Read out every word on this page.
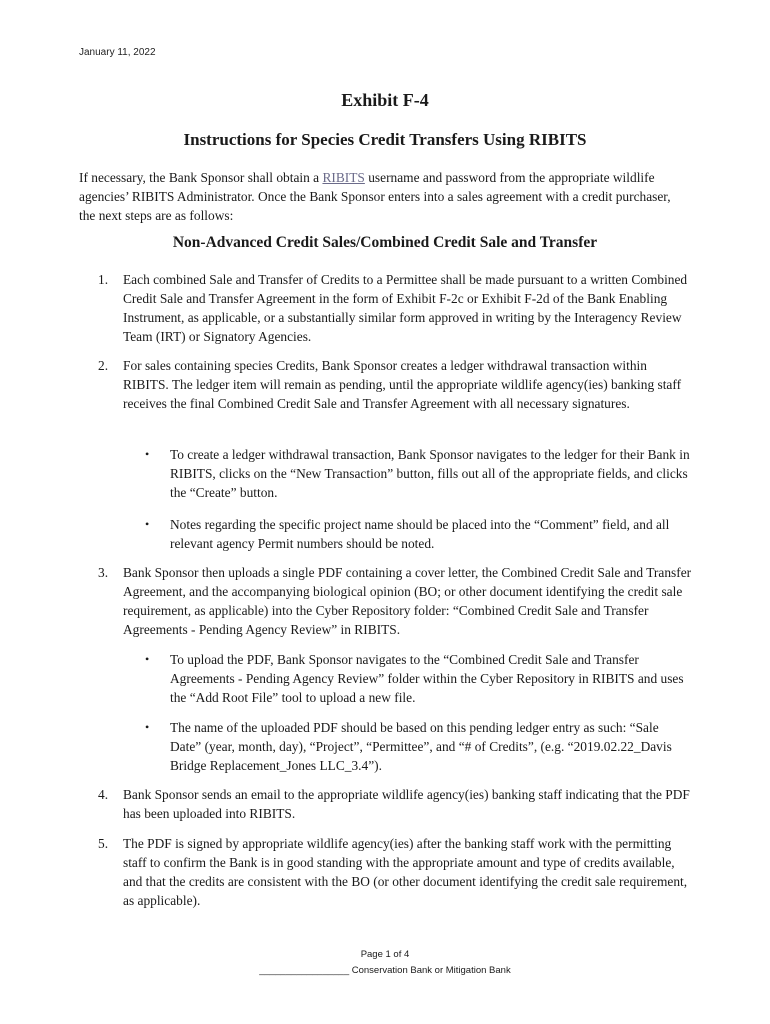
January 11, 2022
Exhibit F-4
Instructions for Species Credit Transfers Using RIBITS

If necessary, the Bank Sponsor shall obtain a RIBITS username and password from the appropriate wildlife agencies’ RIBITS Administrator. Once the Bank Sponsor enters into a sales agreement with a credit purchaser, the next steps are as follows:

Non-Advanced Credit Sales/Combined Credit Sale and Transfer
1. Each combined Sale and Transfer of Credits to a Permittee shall be made pursuant to a written Combined Credit Sale and Transfer Agreement in the form of Exhibit F-2c or Exhibit F-2d of the Bank Enabling Instrument, as applicable, or a substantially similar form approved in writing by the Interagency Review Team (IRT) or Signatory Agencies.
2. For sales containing species Credits, Bank Sponsor creates a ledger withdrawal transaction within RIBITS. The ledger item will remain as pending, until the appropriate wildlife agency(ies) banking staff receives the final Combined Credit Sale and Transfer Agreement with all necessary signatures.
• To create a ledger withdrawal transaction, Bank Sponsor navigates to the ledger for their Bank in RIBITS, clicks on the “New Transaction” button, fills out all of the appropriate fields, and clicks the “Create” button.
• Notes regarding the specific project name should be placed into the “Comment” field, and all relevant agency Permit numbers should be noted.
3. Bank Sponsor then uploads a single PDF containing a cover letter, the Combined Credit Sale and Transfer Agreement, and the accompanying biological opinion (BO; or other document identifying the credit sale requirement, as applicable) into the Cyber Repository folder: “Combined Credit Sale and Transfer Agreements - Pending Agency Review” in RIBITS.
• To upload the PDF, Bank Sponsor navigates to the “Combined Credit Sale and Transfer Agreements - Pending Agency Review” folder within the Cyber Repository in RIBITS and uses the “Add Root File” tool to upload a new file.
• The name of the uploaded PDF should be based on this pending ledger entry as such: “Sale Date” (year, month, day), “Project”, “Permittee”, and “# of Credits”, (e.g. “2019.02.22_Davis Bridge Replacement_Jones LLC_3.4”).
4. Bank Sponsor sends an email to the appropriate wildlife agency(ies) banking staff indicating that the PDF has been uploaded into RIBITS.
5. The PDF is signed by appropriate wildlife agency(ies) after the banking staff work with the permitting staff to confirm the Bank is in good standing with the appropriate amount and type of credits available, and that the credits are consistent with the BO (or other document identifying the credit sale requirement, as applicable).
Page 1 of 4
_________________ Conservation Bank or Mitigation Bank
